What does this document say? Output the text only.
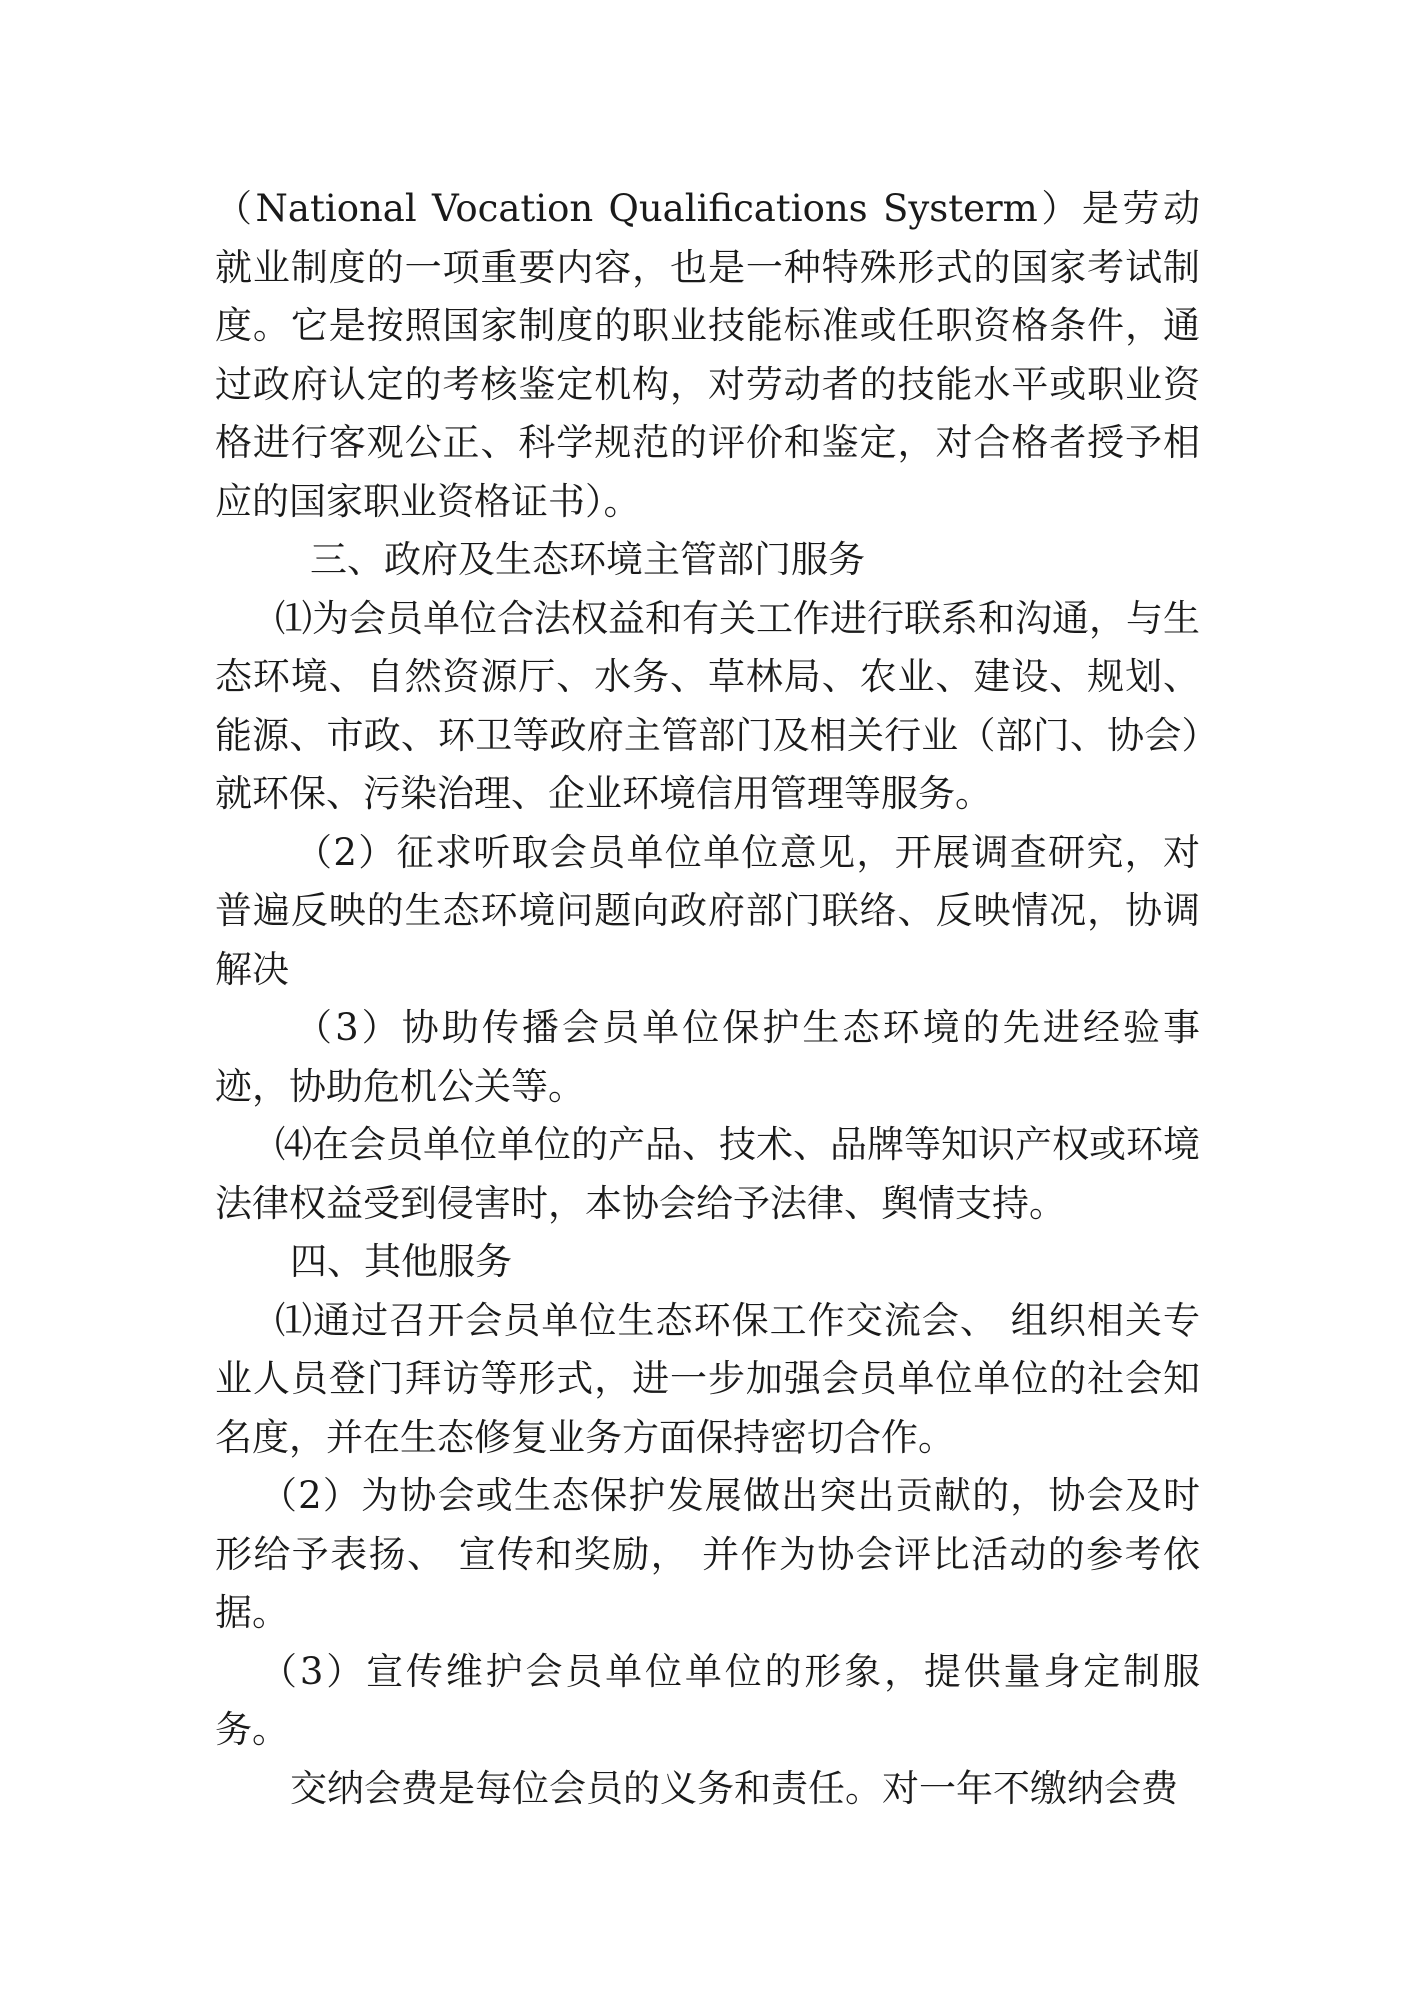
（National Vocation Qualifications Systerm）是劳动就业制度的一项重要内容，也是一种特殊形式的国家考试制度。它是按照国家制度的职业技能标准或任职资格条件，通过政府认定的考核鉴定机构，对劳动者的技能水平或职业资格进行客观公正、科学规范的评价和鉴定，对合格者授予相应的国家职业资格证书）。

三、政府及生态环境主管部门服务

⑴为会员单位合法权益和有关工作进行联系和沟通，与生态环境、自然资源厅、水务、草林局、农业、建设、规划、能源、市政、环卫等政府主管部门及相关行业（部门、协会）就环保、污染治理、企业环境信用管理等服务。

（2）征求听取会员单位单位意见，开展调查研究，对普遍反映的生态环境问题向政府部门联络、反映情况，协调解决

（3）协助传播会员单位保护生态环境的先进经验事迹，协助危机公关等。

⑷在会员单位单位的产品、技术、品牌等知识产权或环境法律权益受到侵害时，本协会给予法律、舆情支持。

四、其他服务

⑴通过召开会员单位生态环保工作交流会、 组织相关专业人员登门拜访等形式，进一步加强会员单位单位的社会知名度，并在生态修复业务方面保持密切合作。

（2）为协会或生态保护发展做出突出贡献的，协会及时形给予表扬、 宣传和奖励， 并作为协会评比活动的参考依据。

（3）宣传维护会员单位单位的形象，提供量身定制服务。

交纳会费是每位会员的义务和责任。对一年不缴纳会费
